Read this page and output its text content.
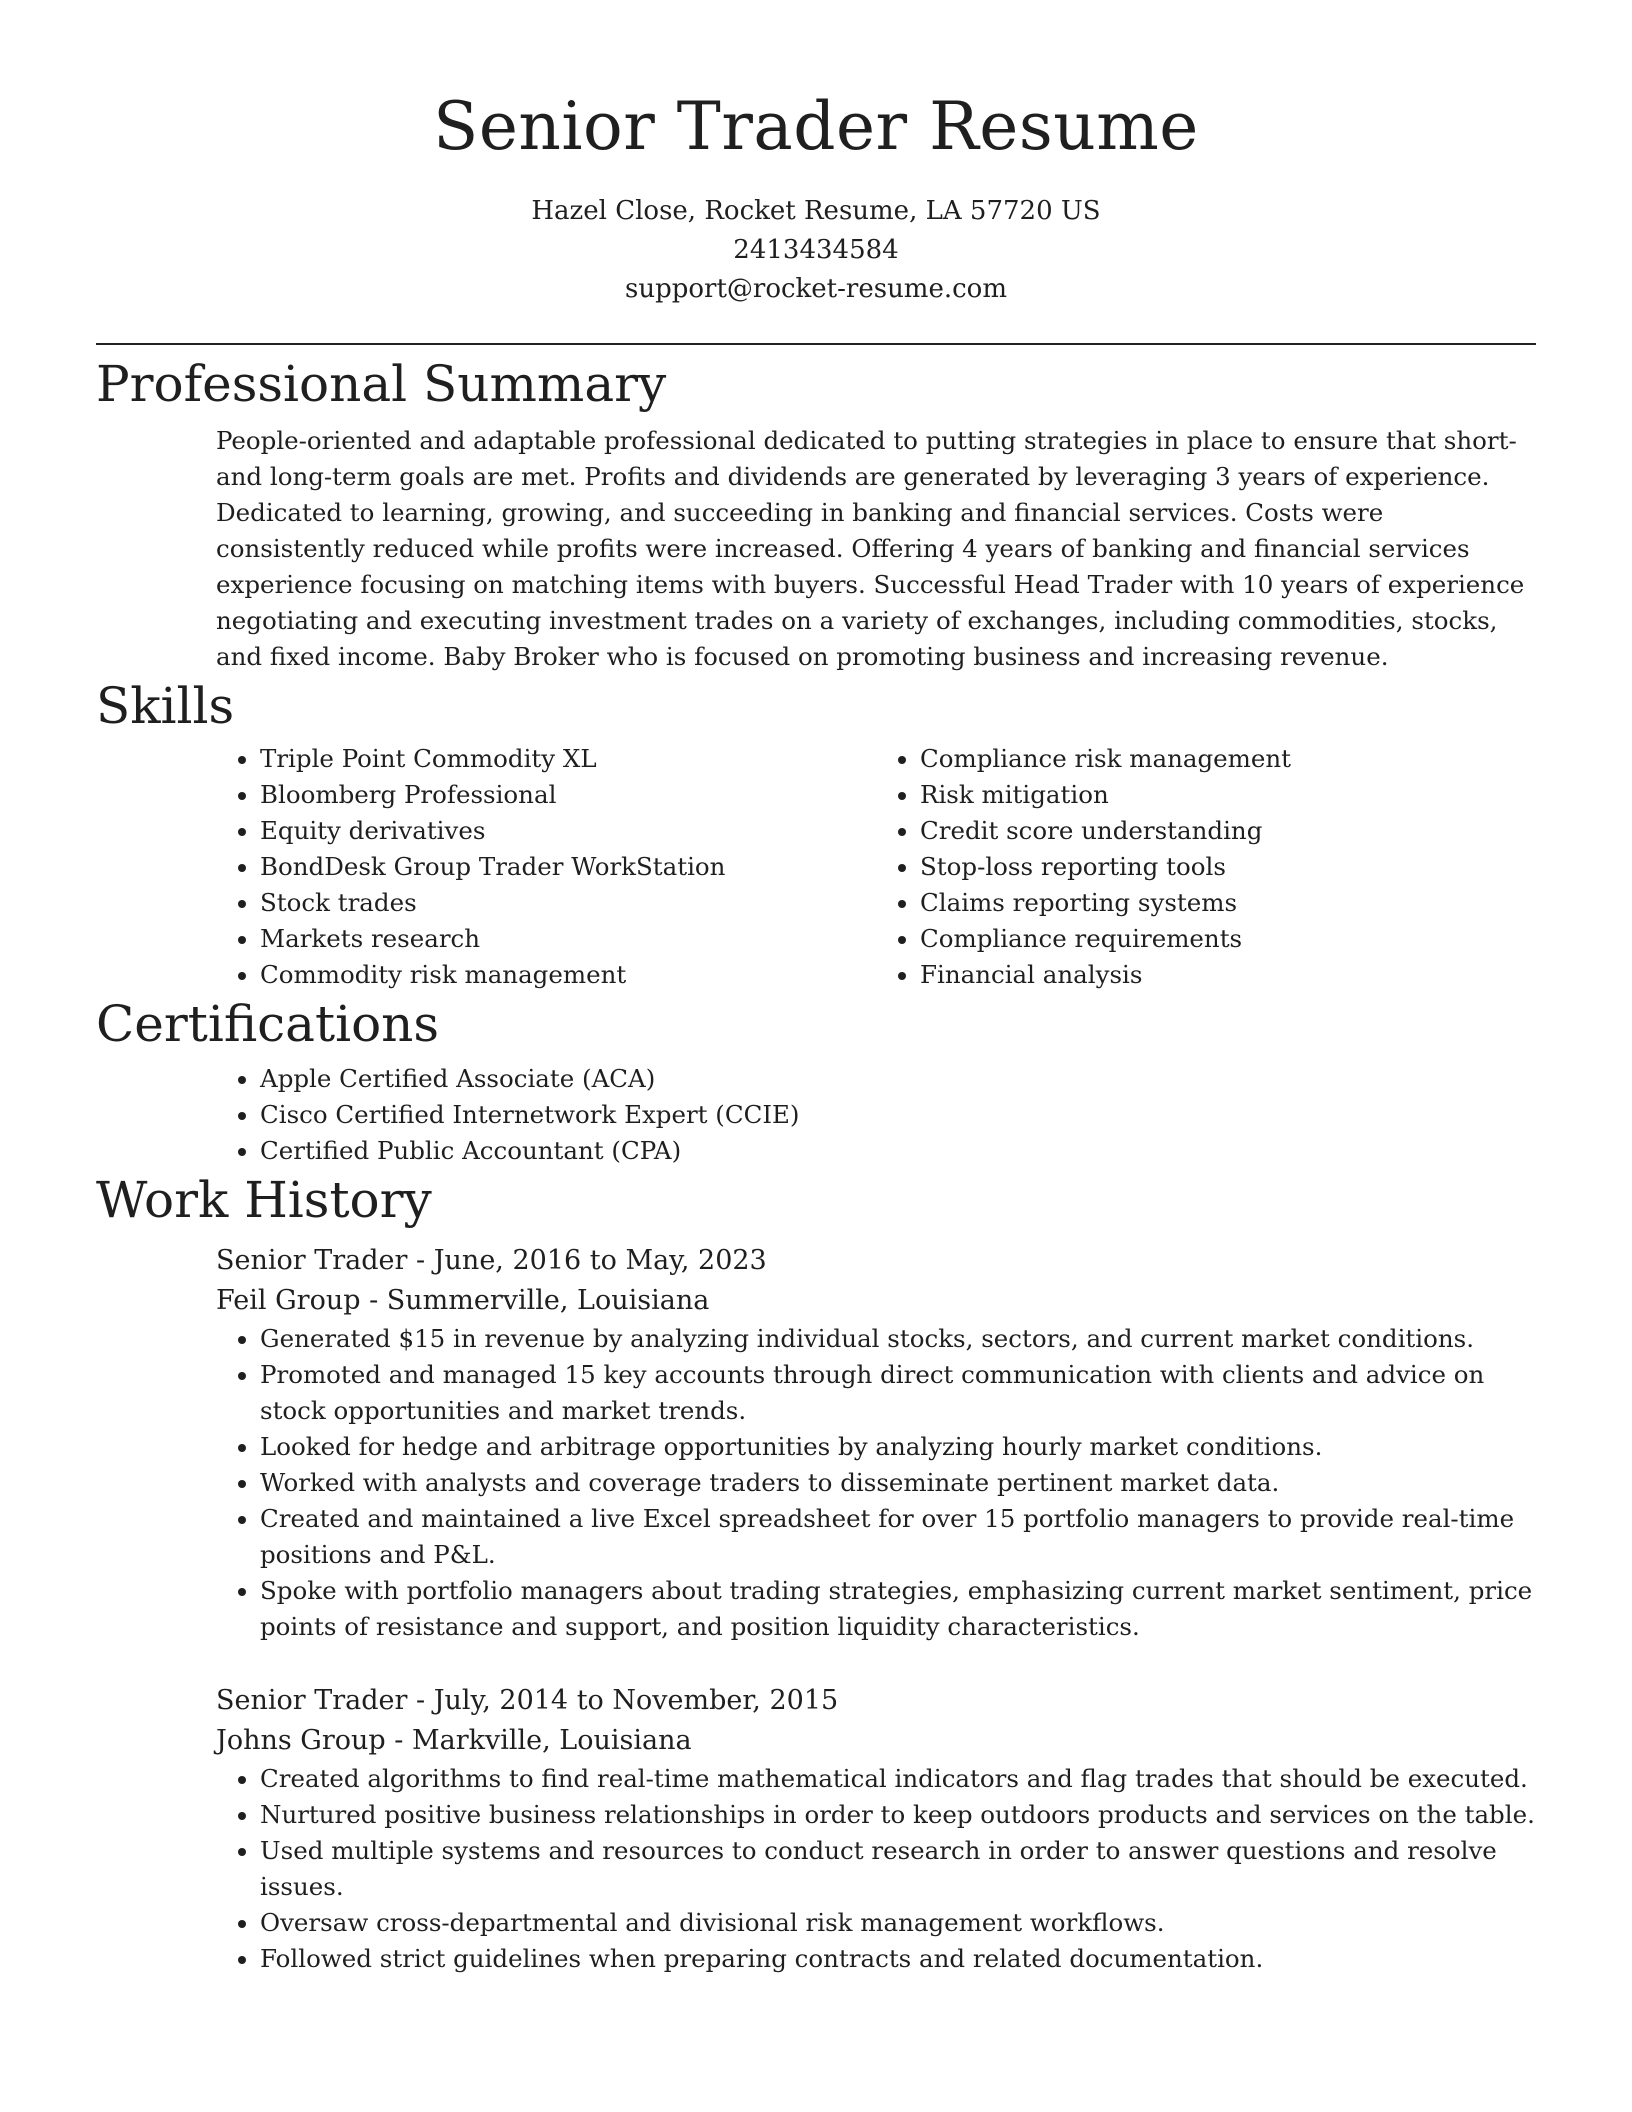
Senior Trader Resume
Hazel Close, Rocket Resume, LA 57720 US
2413434584
support@rocket-resume.com
Professional Summary

People-oriented and adaptable professional dedicated to putting strategies in place to ensure that short- and long-term goals are met. Profits and dividends are generated by leveraging 3 years of experience. Dedicated to learning, growing, and succeeding in banking and financial services. Costs were consistently reduced while profits were increased. Offering 4 years of banking and financial services experience focusing on matching items with buyers. Successful Head Trader with 10 years of experience negotiating and executing investment trades on a variety of exchanges, including commodities, stocks, and fixed income. Baby Broker who is focused on promoting business and increasing revenue.

Skills
• Triple Point Commodity XL
• Bloomberg Professional
• Equity derivatives
• BondDesk Group Trader WorkStation
• Stock trades
• Markets research
• Commodity risk management
• Compliance risk management
• Risk mitigation
• Credit score understanding
• Stop-loss reporting tools
• Claims reporting systems
• Compliance requirements
• Financial analysis
Certifications
• Apple Certified Associate (ACA)
• Cisco Certified Internetwork Expert (CCIE)
• Certified Public Accountant (CPA)
Work History
Senior Trader - June, 2016 to May, 2023
Feil Group - Summerville, Louisiana
• Generated $15 in revenue by analyzing individual stocks, sectors, and current market conditions.
• Promoted and managed 15 key accounts through direct communication with clients and advice on stock opportunities and market trends.
• Looked for hedge and arbitrage opportunities by analyzing hourly market conditions.
• Worked with analysts and coverage traders to disseminate pertinent market data.
• Created and maintained a live Excel spreadsheet for over 15 portfolio managers to provide real-time positions and P&L.
• Spoke with portfolio managers about trading strategies, emphasizing current market sentiment, price points of resistance and support, and position liquidity characteristics.
Senior Trader - July, 2014 to November, 2015
Johns Group - Markville, Louisiana
• Created algorithms to find real-time mathematical indicators and flag trades that should be executed.
• Nurtured positive business relationships in order to keep outdoors products and services on the table.
• Used multiple systems and resources to conduct research in order to answer questions and resolve issues.
• Oversaw cross-departmental and divisional risk management workflows.
• Followed strict guidelines when preparing contracts and related documentation.
